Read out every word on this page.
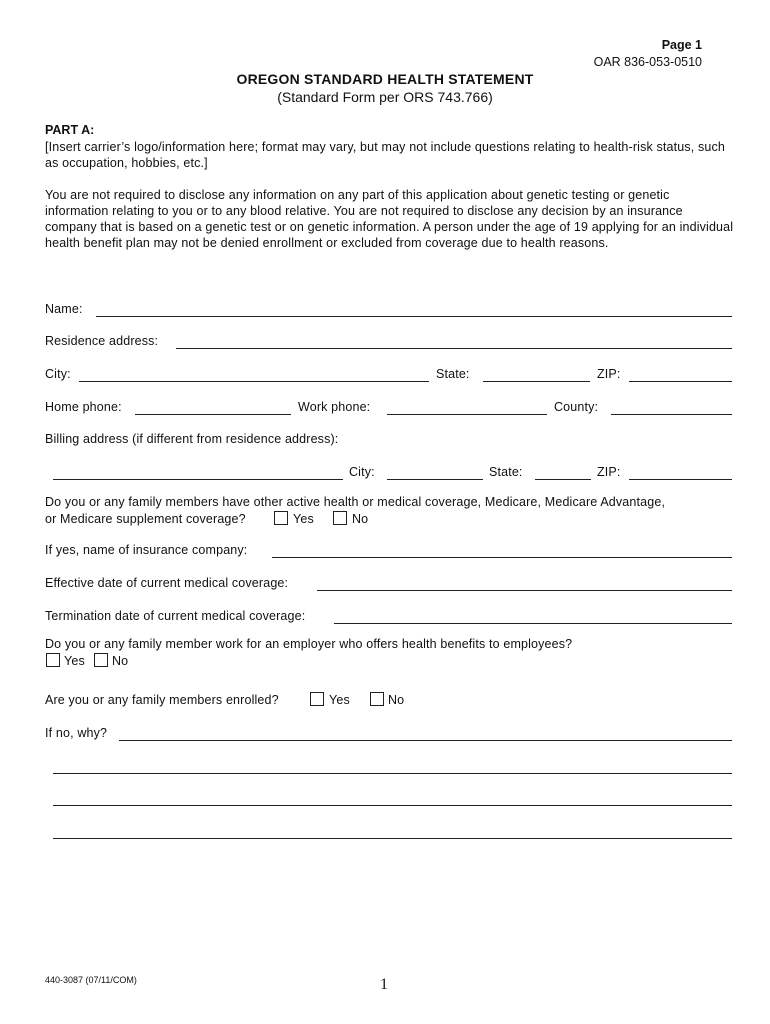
Page 1
OAR 836-053-0510
OREGON STANDARD HEALTH STATEMENT
(Standard Form per ORS 743.766)
PART A:
[Insert carrier’s logo/information here; format may vary, but may not include questions relating to health-risk status, such as occupation, hobbies, etc.]
You are not required to disclose any information on any part of this application about genetic testing or genetic information relating to you or to any blood relative. You are not required to disclose any decision by an insurance company that is based on a genetic test or on genetic information. A person under the age of 19 applying for an individual health benefit plan may not be denied enrollment or excluded from coverage due to health reasons.
Name:
Residence address:
City:	State:	ZIP:
Home phone:	Work phone:	County:
Billing address (if different from residence address):
City:	State:	ZIP:
Do you or any family members have other active health or medical coverage, Medicare, Medicare Advantage,
or Medicare supplement coverage?	Yes	No
If yes, name of insurance company:
Effective date of current medical coverage:
Termination date of current medical coverage:
Do you or any family member work for an employer who offers health benefits to employees?
Yes No
Are you or any family members enrolled?	Yes	No
If no, why?
440-3087 (07/11/COM)	1
